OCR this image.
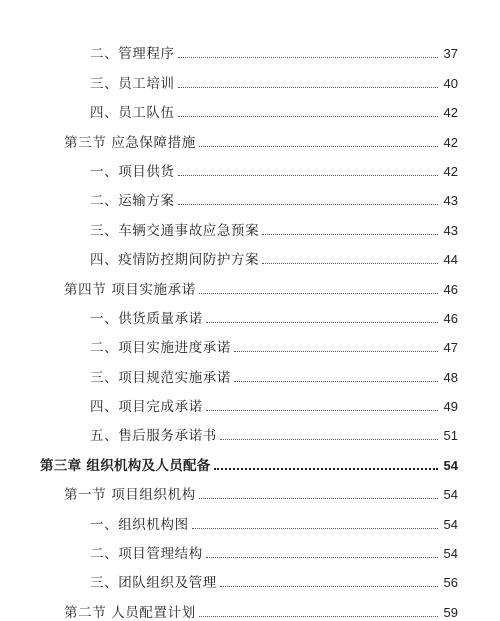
二、管理程序	37
三、员工培训	40
四、员工队伍	42
第三节 应急保障措施	42
一、项目供货	42
二、运输方案	43
三、车辆交通事故应急预案	43
四、疫情防控期间防护方案	44
第四节 项目实施承诺	46
一、供货质量承诺	46
二、项目实施进度承诺	47
三、项目规范实施承诺	48
四、项目完成承诺	49
五、售后服务承诺书	51
第三章 组织机构及人员配备	54
第一节 项目组织机构	54
一、组织机构图	54
二、项目管理结构	54
三、团队组织及管理	56
第二节 人员配置计划	59
